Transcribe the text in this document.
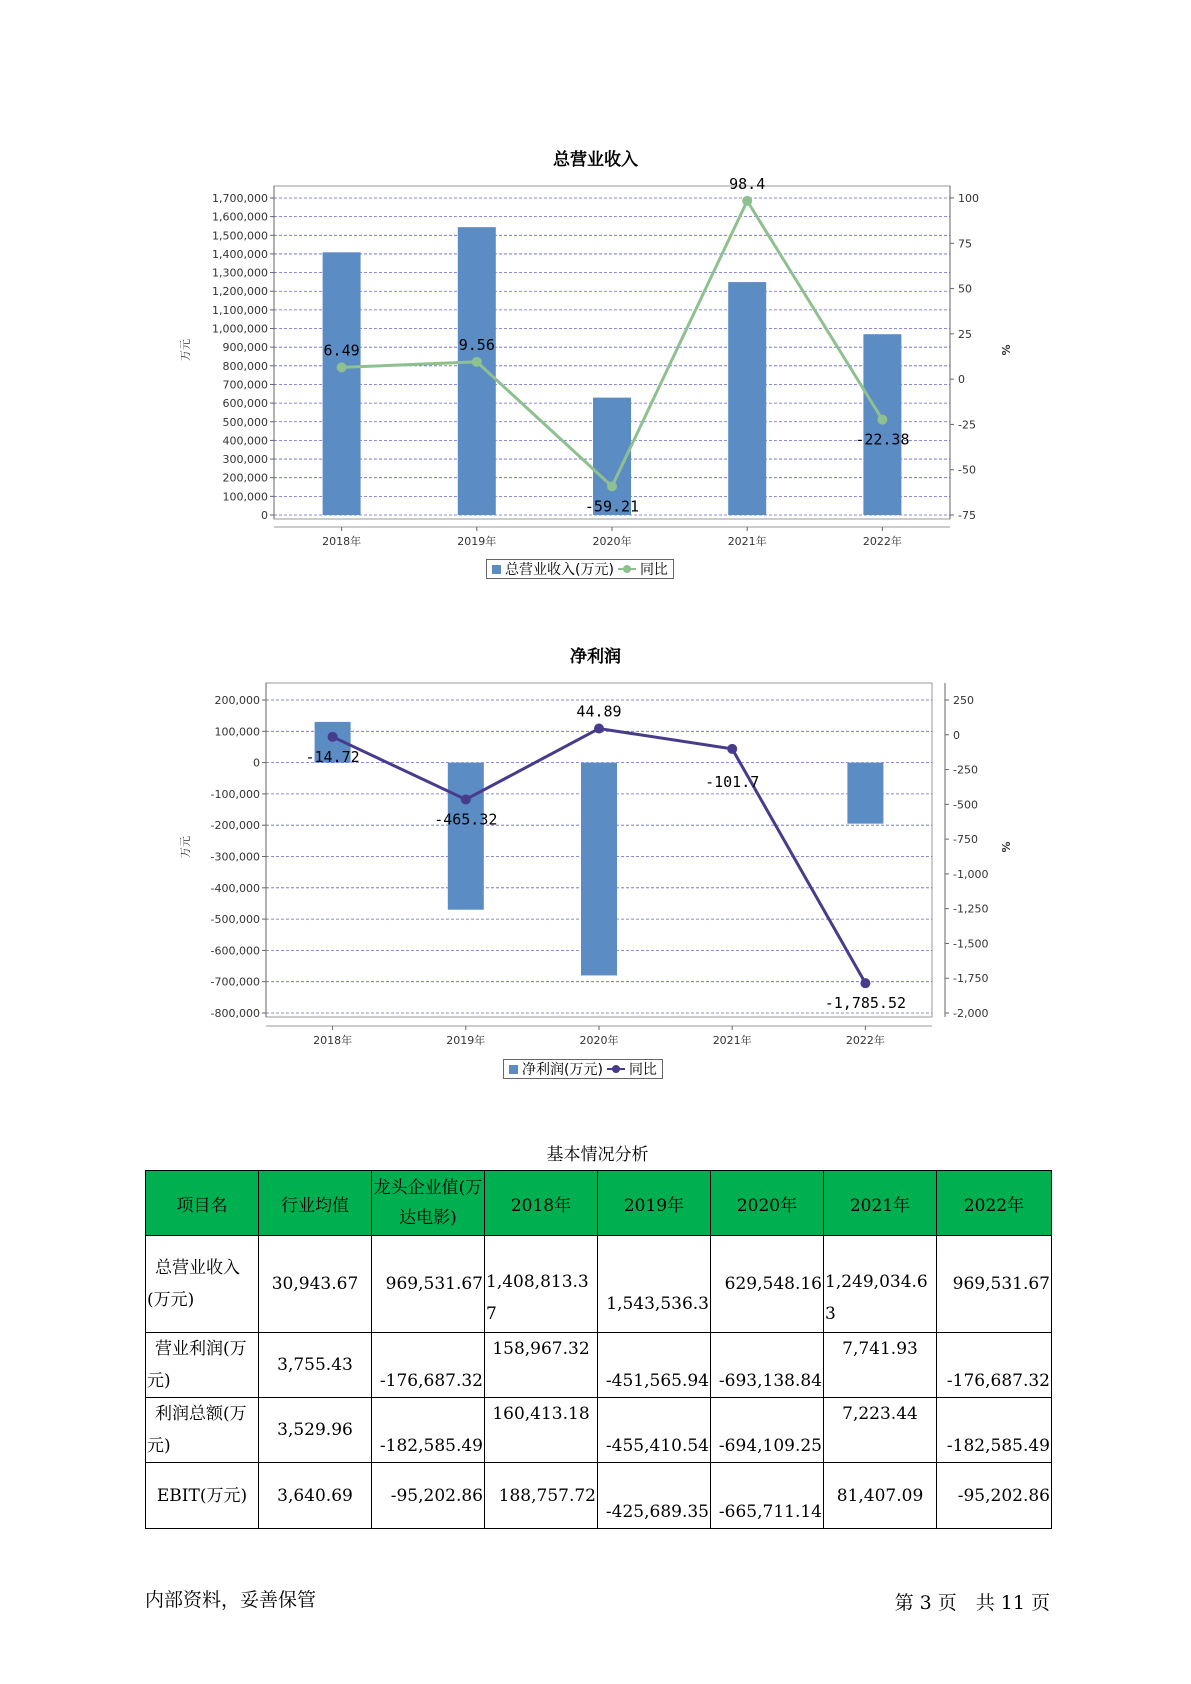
总营业收入
0
100,000
200,000
300,000
400,000
500,000
600,000
700,000
800,000
900,000
1,000,000
1,100,000
1,200,000
1,300,000
1,400,000
1,500,000
1,600,000
1,700,000
-75
-50
-25
0
25
50
75
100
2018年	2019年	2020年	2021年	2022年
万元	%
6.49	9.56
-59.21
98.4
-22.38
总营业收入(万元) 同比
净利润
-800,000
-700,000
-600,000
-500,000
-400,000
-300,000
-200,000
-100,000
0
100,000
200,000
-2,000
-1,750
-1,500
-1,250
-1,000
-750
-500
-250
0
250
2018年	2019年	2020年	2021年	2022年
万元	%
-14.72
-465.32
44.89
-101.7
-1,785.52
净利润(万元) 同比
基本情况分析
项目名	行业均值	龙头企业值(万达电影)	2018年	2019年	2020年	2021年	2022年
总营业收入(万元)	30,943.67	969,531.67	1,408,813.37	1,543,536.3	629,548.16	1,249,034.63	969,531.67
营业利润(万元)	3,755.43	-176,687.32	158,967.32	-451,565.94	-693,138.84	7,741.93	-176,687.32
利润总额(万元)	3,529.96	-182,585.49	160,413.18	-455,410.54	-694,109.25	7,223.44	-182,585.49
EBIT(万元)	3,640.69	-95,202.86	188,757.72	-425,689.35	-665,711.14	81,407.09	-95,202.86
内部资料，妥善保管	第 3 页　共 11 页
